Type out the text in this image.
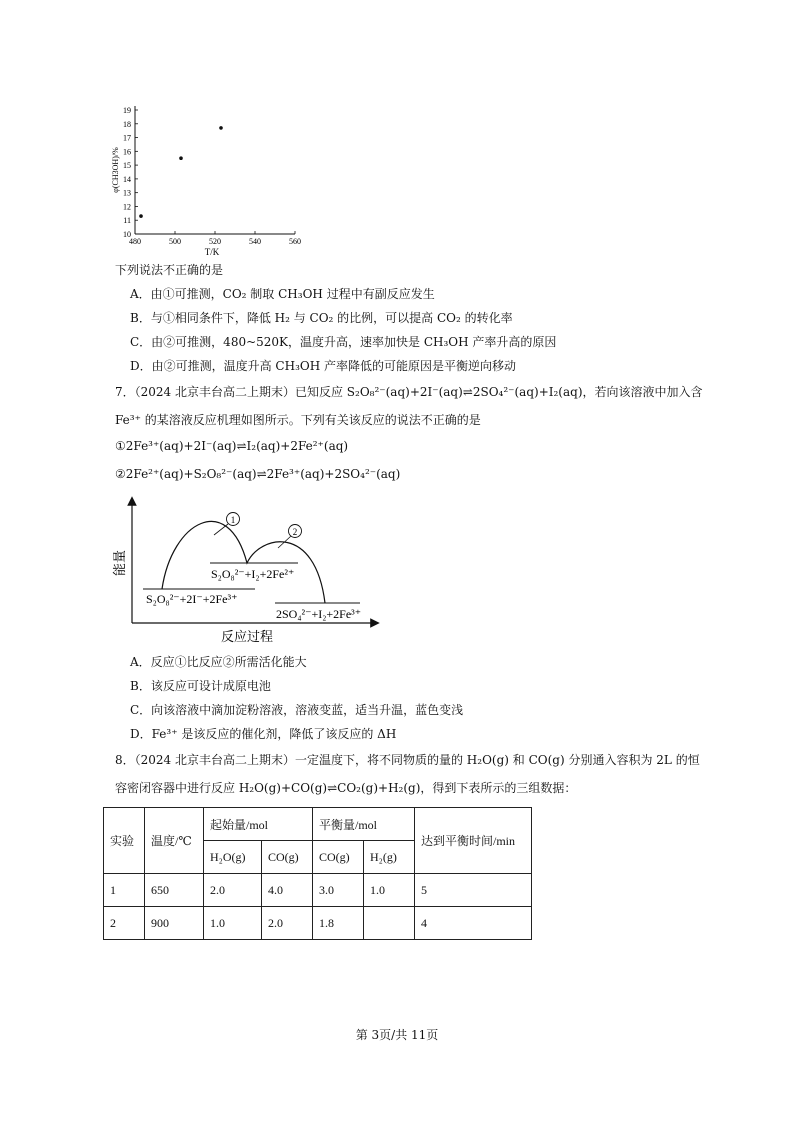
480	500	520	540	560
10
11
12
13
14
15
16
17
18
19
T/K
φ(CH3OH)/%
下列说法不正确的是
A．由①可推测，CO₂ 制取 CH₃OH 过程中有副反应发生
B．与①相同条件下，降低 H₂ 与 CO₂ 的比例，可以提高 CO₂ 的转化率
C．由②可推测，480~520K，温度升高，速率加快是 CH₃OH 产率升高的原因
D．由②可推测，温度升高 CH₃OH 产率降低的可能原因是平衡逆向移动
7．（2024 北京丰台高二上期末）已知反应 S₂O₈²⁻(aq)+2I⁻(aq)⇌2SO₄²⁻(aq)+I₂(aq)，若向该溶液中加入含
Fe³⁺ 的某溶液反应机理如图所示。下列有关该反应的说法不正确的是
①2Fe³⁺(aq)+2I⁻(aq)⇌I₂(aq)+2Fe²⁺(aq)
②2Fe²⁺(aq)+S₂O₈²⁻(aq)⇌2Fe³⁺(aq)+2SO₄²⁻(aq)
能量
1
2
S₂O₈²⁻+I₂+2Fe²⁺
S₂O₈²⁻+2I⁻+2Fe³⁺
2SO₄²⁻+I₂+2Fe³⁺
反应过程
A．反应①比反应②所需活化能大
B．该反应可设计成原电池
C．向该溶液中滴加淀粉溶液，溶液变蓝，适当升温，蓝色变浅
D．Fe³⁺ 是该反应的催化剂，降低了该反应的 ΔH
8．（2024 北京丰台高二上期末）一定温度下，将不同物质的量的 H₂O(g) 和 CO(g) 分别通入容积为 2L 的恒
容密闭容器中进行反应 H₂O(g)+CO(g)⇌CO₂(g)+H₂(g)，得到下表所示的三组数据：
实验	温度/℃	起始量/mol		平衡量/mol		达到平衡时间/min
		H₂O(g)	CO(g)	CO(g)	H₂(g)	
1	650	2.0	4.0	3.0	1.0	5
2	900	1.0	2.0	1.8		4
第 3页/共 11页
